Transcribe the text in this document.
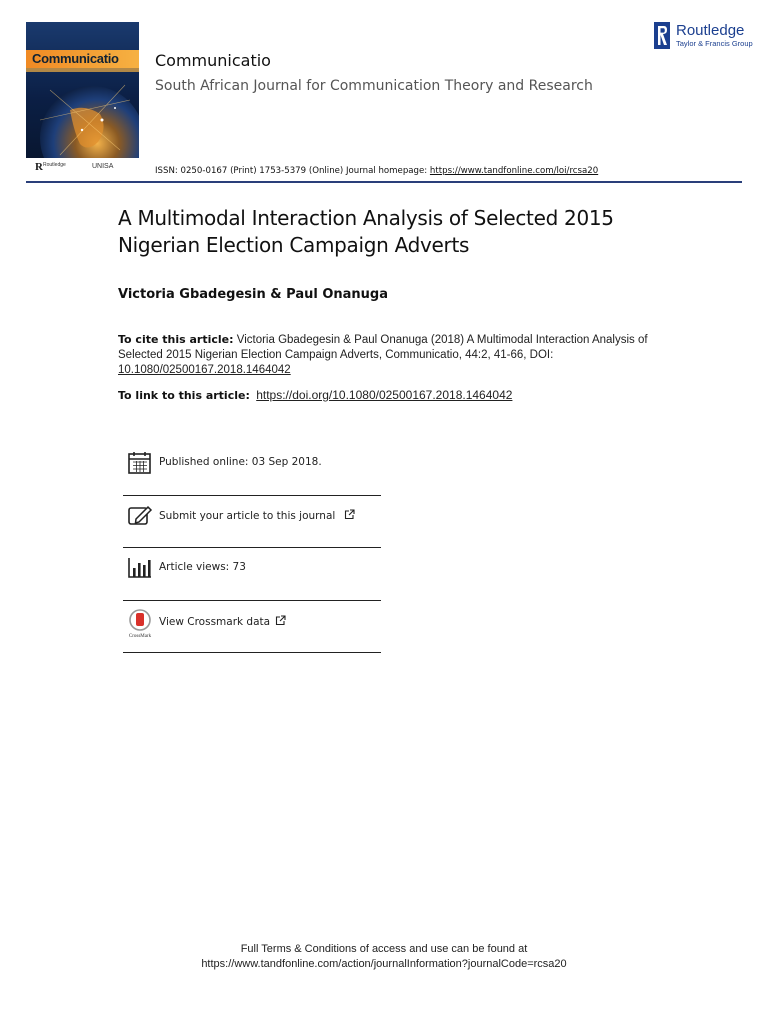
Communicatio
R Routledge	UNISA
Communicatio
South African Journal for Communication Theory and Research
Routledge
Taylor & Francis Group
ISSN: 0250-0167 (Print) 1753-5379 (Online) Journal homepage: https://www.tandfonline.com/loi/rcsa20
A Multimodal Interaction Analysis of Selected 2015 Nigerian Election Campaign Adverts
Victoria Gbadegesin & Paul Onanuga
To cite this article: Victoria Gbadegesin & Paul Onanuga (2018) A Multimodal Interaction Analysis of Selected 2015 Nigerian Election Campaign Adverts, Communicatio, 44:2, 41-66, DOI: 10.1080/02500167.2018.1464042
To link to this article: https://doi.org/10.1080/02500167.2018.1464042
Published online: 03 Sep 2018.
Submit your article to this journal
Article views: 73
CrossMark
View Crossmark data
Full Terms & Conditions of access and use can be found at
https://www.tandfonline.com/action/journalInformation?journalCode=rcsa20
